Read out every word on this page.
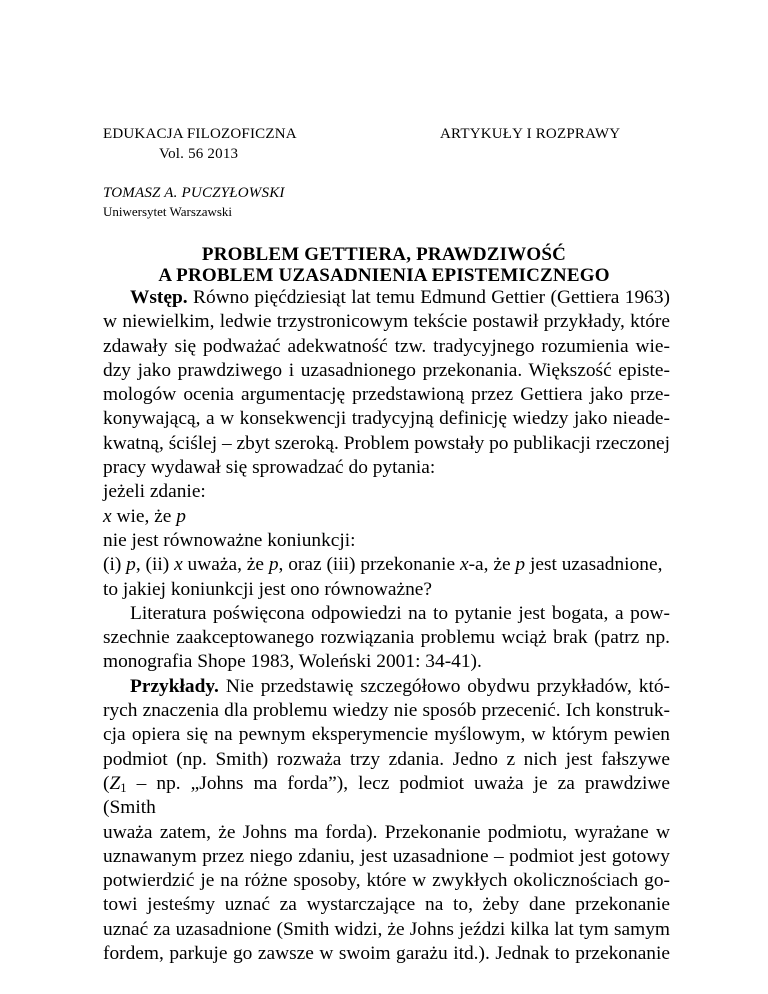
EDUKACJA FILOZOFICZNA
Vol. 56 2013
ARTYKUŁY I ROZPRAWY
TOMASZ A. PUCZYŁOWSKI
Uniwersytet Warszawski
PROBLEM GETTIERA, PRAWDZIWOŚĆ
A PROBLEM UZASADNIENIA EPISTEMICZNEGO

Wstęp. Równo pięćdziesiąt lat temu Edmund Gettier (Gettiera 1963)

w niewielkim, ledwie trzystronicowym tekście postawił przykłady, które

zdawały się podważać adekwatność tzw. tradycyjnego rozumienia wie-

dzy jako prawdziwego i uzasadnionego przekonania. Większość episte-

mologów ocenia argumentację przedstawioną przez Gettiera jako prze-

konywającą, a w konsekwencji tradycyjną definicję wiedzy jako nieade-

kwatną, ściślej – zbyt szeroką. Problem powstały po publikacji rzeczonej

pracy wydawał się sprowadzać do pytania:

jeżeli zdanie:

x wie, że p

nie jest równoważne koniunkcji:

(i) p, (ii) x uważa, że p, oraz (iii) przekonanie x-a, że p jest uzasadnione,

to jakiej koniunkcji jest ono równoważne?

Literatura poświęcona odpowiedzi na to pytanie jest bogata, a pow-

szechnie zaakceptowanego rozwiązania problemu wciąż brak (patrz np.

monografia Shope 1983, Woleński 2001: 34-41).

Przykłady. Nie przedstawię szczegółowo obydwu przykładów, któ-

rych znaczenia dla problemu wiedzy nie sposób przecenić. Ich konstruk-

cja opiera się na pewnym eksperymencie myślowym, w którym pewien

podmiot (np. Smith) rozważa trzy zdania. Jedno z nich jest fałszywe

($Z_1$ – np. „Johns ma forda”), lecz podmiot uważa je za prawdziwe (Smith

uważa zatem, że Johns ma forda). Przekonanie podmiotu, wyrażane w

uznawanym przez niego zdaniu, jest uzasadnione – podmiot jest gotowy

potwierdzić je na różne sposoby, które w zwykłych okolicznościach go-

towi jesteśmy uznać za wystarczające na to, żeby dane przekonanie

uznać za uzasadnione (Smith widzi, że Johns jeździ kilka lat tym samym

fordem, parkuje go zawsze w swoim garażu itd.). Jednak to przekonanie
